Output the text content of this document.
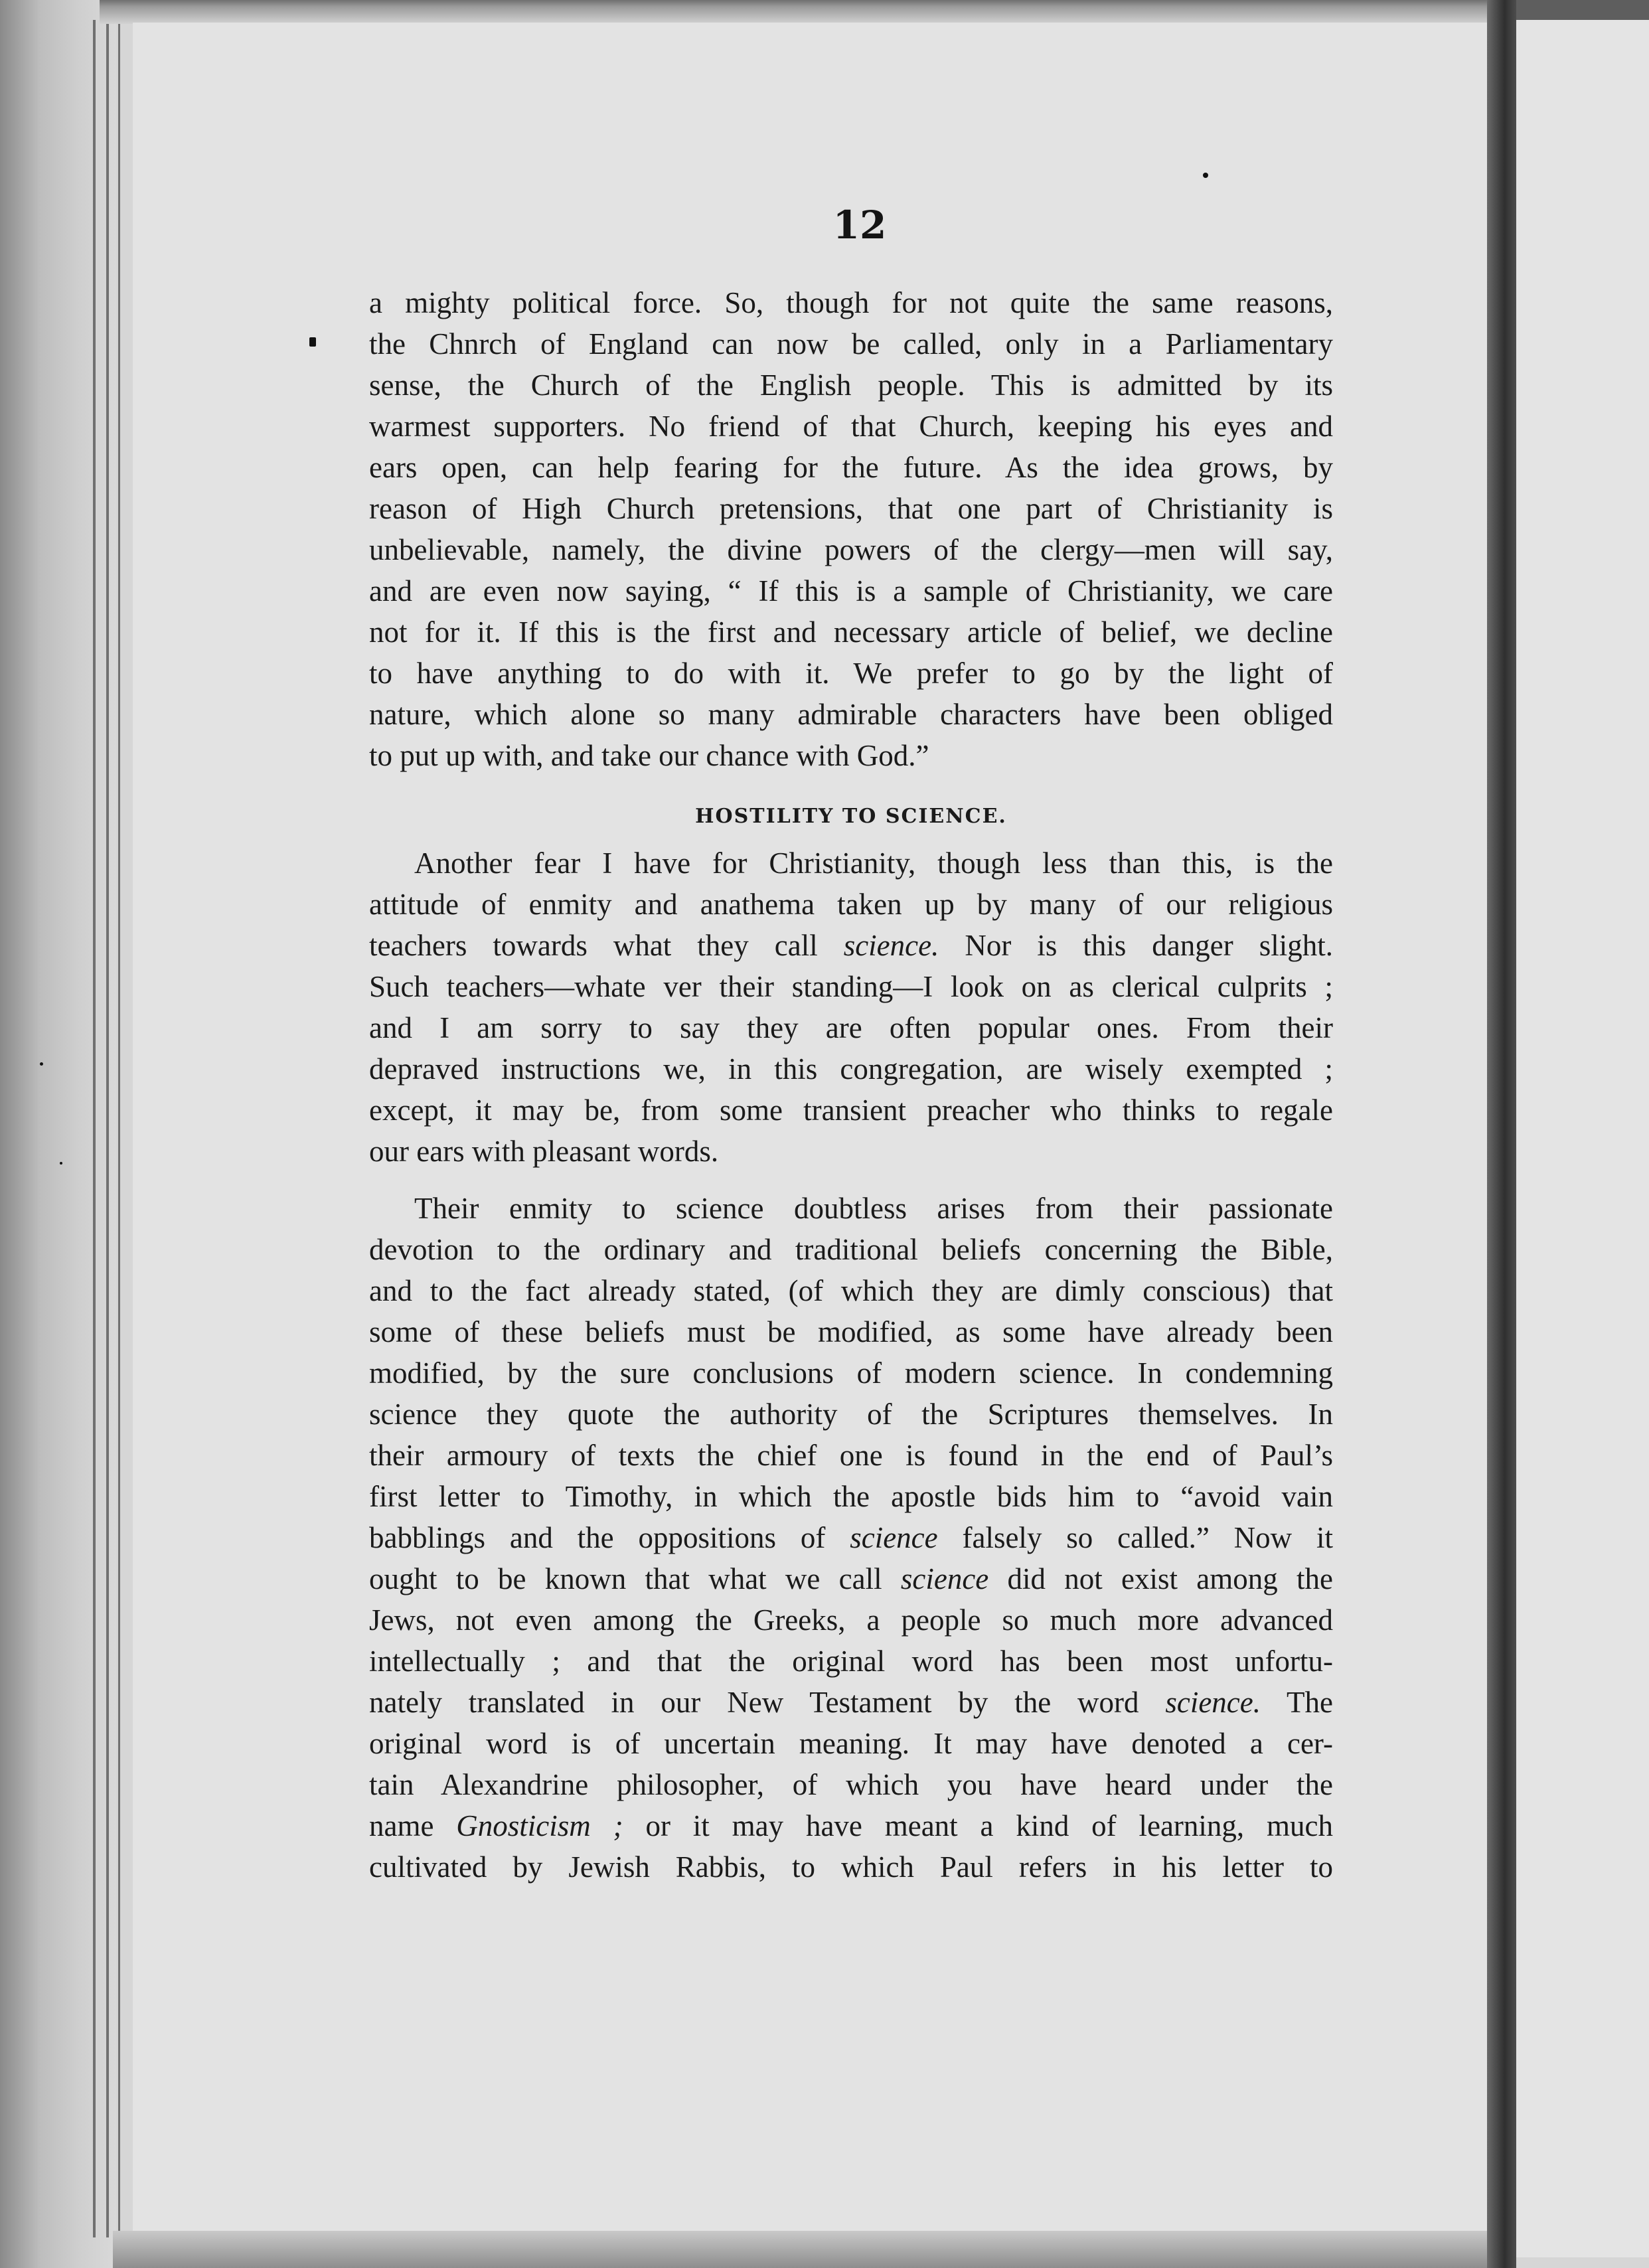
12
a mighty political force. So, though for not quite the same reasons,
the Chnrch of England can now be called, only in a Parliamentary
sense, the Church of the English people. This is admitted by its
warmest supporters. No friend of that Church, keeping his eyes and
ears open, can help fearing for the future. As the idea grows, by
reason of High Church pretensions, that one part of Christianity is
unbelievable, namely, the divine powers of the clergy—men will say,
and are even now saying, “ If this is a sample of Christianity, we care
not for it. If this is the first and necessary article of belief, we decline
to have anything to do with it. We prefer to go by the light of
nature, which alone so many admirable characters have been obliged
to put up with, and take our chance with God.”
HOSTILITY TO SCIENCE.
Another fear I have for Christianity, though less than this, is the
attitude of enmity and anathema taken up by many of our religious
teachers towards what they call science. Nor is this danger slight.
Such teachers—whate ver their standing—I look on as clerical culprits ;
and I am sorry to say they are often popular ones. From their
depraved instructions we, in this congregation, are wisely exempted ;
except, it may be, from some transient preacher who thinks to regale
our ears with pleasant words.
Their enmity to science doubtless arises from their passionate
devotion to the ordinary and traditional beliefs concerning the Bible,
and to the fact already stated, (of which they are dimly conscious) that
some of these beliefs must be modified, as some have already been
modified, by the sure conclusions of modern science. In condemning
science they quote the authority of the Scriptures themselves. In
their armoury of texts the chief one is found in the end of Paul’s
first letter to Timothy, in which the apostle bids him to “avoid vain
babblings and the oppositions of science falsely so called.” Now it
ought to be known that what we call science did not exist among the
Jews, not even among the Greeks, a people so much more advanced
intellectually ; and that the original word has been most unfortu-
nately translated in our New Testament by the word science. The
original word is of uncertain meaning. It may have denoted a cer-
tain Alexandrine philosopher, of which you have heard under the
name Gnosticism ; or it may have meant a kind of learning, much
cultivated by Jewish Rabbis, to which Paul refers in his letter to
